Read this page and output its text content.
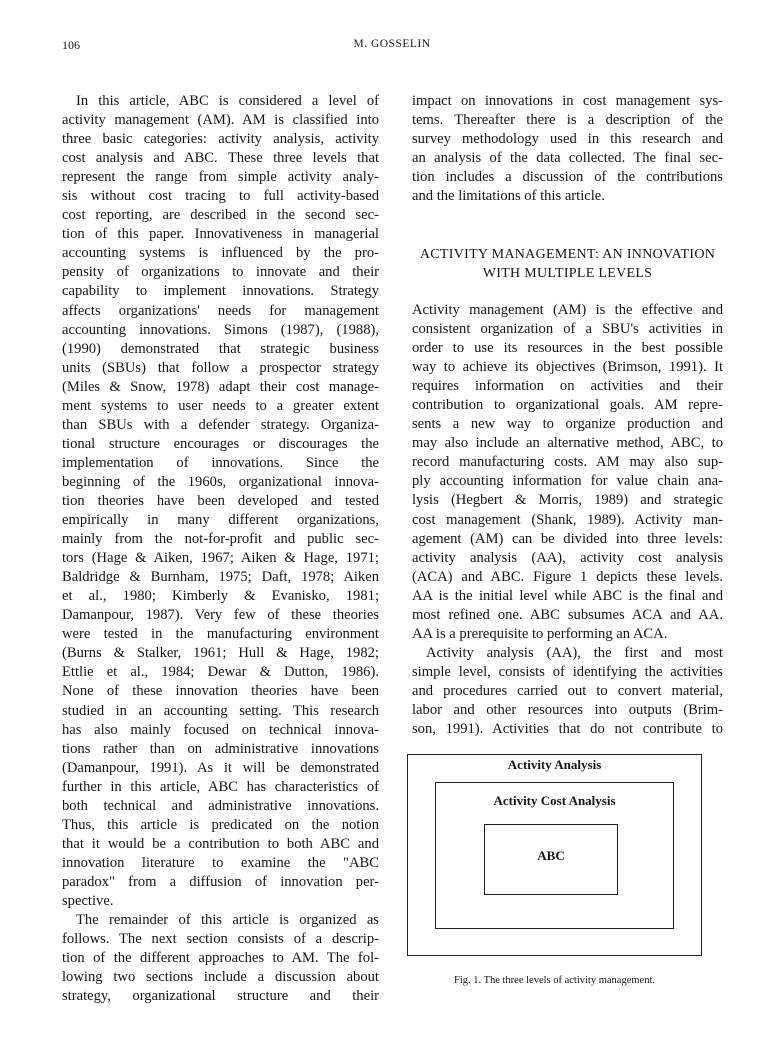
106	M. GOSSELIN
In this article, ABC is considered a level of
activity management (AM). AM is classified into
three basic categories: activity analysis, activity
cost analysis and ABC. These three levels that
represent the range from simple activity analy-
sis without cost tracing to full activity-based
cost reporting, are described in the second sec-
tion of this paper. Innovativeness in managerial
accounting systems is influenced by the pro-
pensity of organizations to innovate and their
capability to implement innovations. Strategy
affects organizations' needs for management
accounting innovations. Simons (1987), (1988),
(1990) demonstrated that strategic business
units (SBUs) that follow a prospector strategy
(Miles & Snow, 1978) adapt their cost manage-
ment systems to user needs to a greater extent
than SBUs with a defender strategy. Organiza-
tional structure encourages or discourages the
implementation of innovations. Since the
beginning of the 1960s, organizational innova-
tion theories have been developed and tested
empirically in many different organizations,
mainly from the not-for-profit and public sec-
tors (Hage & Aiken, 1967; Aiken & Hage, 1971;
Baldridge & Burnham, 1975; Daft, 1978; Aiken
et al., 1980; Kimberly & Evanisko, 1981;
Damanpour, 1987). Very few of these theories
were tested in the manufacturing environment
(Burns & Stalker, 1961; Hull & Hage, 1982;
Ettlie et al., 1984; Dewar & Dutton, 1986).
None of these innovation theories have been
studied in an accounting setting. This research
has also mainly focused on technical innova-
tions rather than on administrative innovations
(Damanpour, 1991). As it will be demonstrated
further in this article, ABC has characteristics of
both technical and administrative innovations.
Thus, this article is predicated on the notion
that it would be a contribution to both ABC and
innovation literature to examine the "ABC
paradox" from a diffusion of innovation per-
spective.
The remainder of this article is organized as
follows. The next section consists of a descrip-
tion of the different approaches to AM. The fol-
lowing two sections include a discussion about
strategy, organizational structure and their
impact on innovations in cost management sys-
tems. Thereafter there is a description of the
survey methodology used in this research and
an analysis of the data collected. The final sec-
tion includes a discussion of the contributions
and the limitations of this article.
ACTIVITY MANAGEMENT: AN INNOVATION
WITH MULTIPLE LEVELS
Activity management (AM) is the effective and
consistent organization of a SBU's activities in
order to use its resources in the best possible
way to achieve its objectives (Brimson, 1991). It
requires information on activities and their
contribution to organizational goals. AM repre-
sents a new way to organize production and
may also include an alternative method, ABC, to
record manufacturing costs. AM may also sup-
ply accounting information for value chain ana-
lysis (Hegbert & Morris, 1989) and strategic
cost management (Shank, 1989). Activity man-
agement (AM) can be divided into three levels:
activity analysis (AA), activity cost analysis
(ACA) and ABC. Figure 1 depicts these levels.
AA is the initial level while ABC is the final and
most refined one. ABC subsumes ACA and AA.
AA is a prerequisite to performing an ACA.
Activity analysis (AA), the first and most
simple level, consists of identifying the activities
and procedures carried out to convert material,
labor and other resources into outputs (Brim-
son, 1991). Activities that do not contribute to
Activity Analysis
Activity Cost Analysis
ABC
Fig. 1. The three levels of activity management.
